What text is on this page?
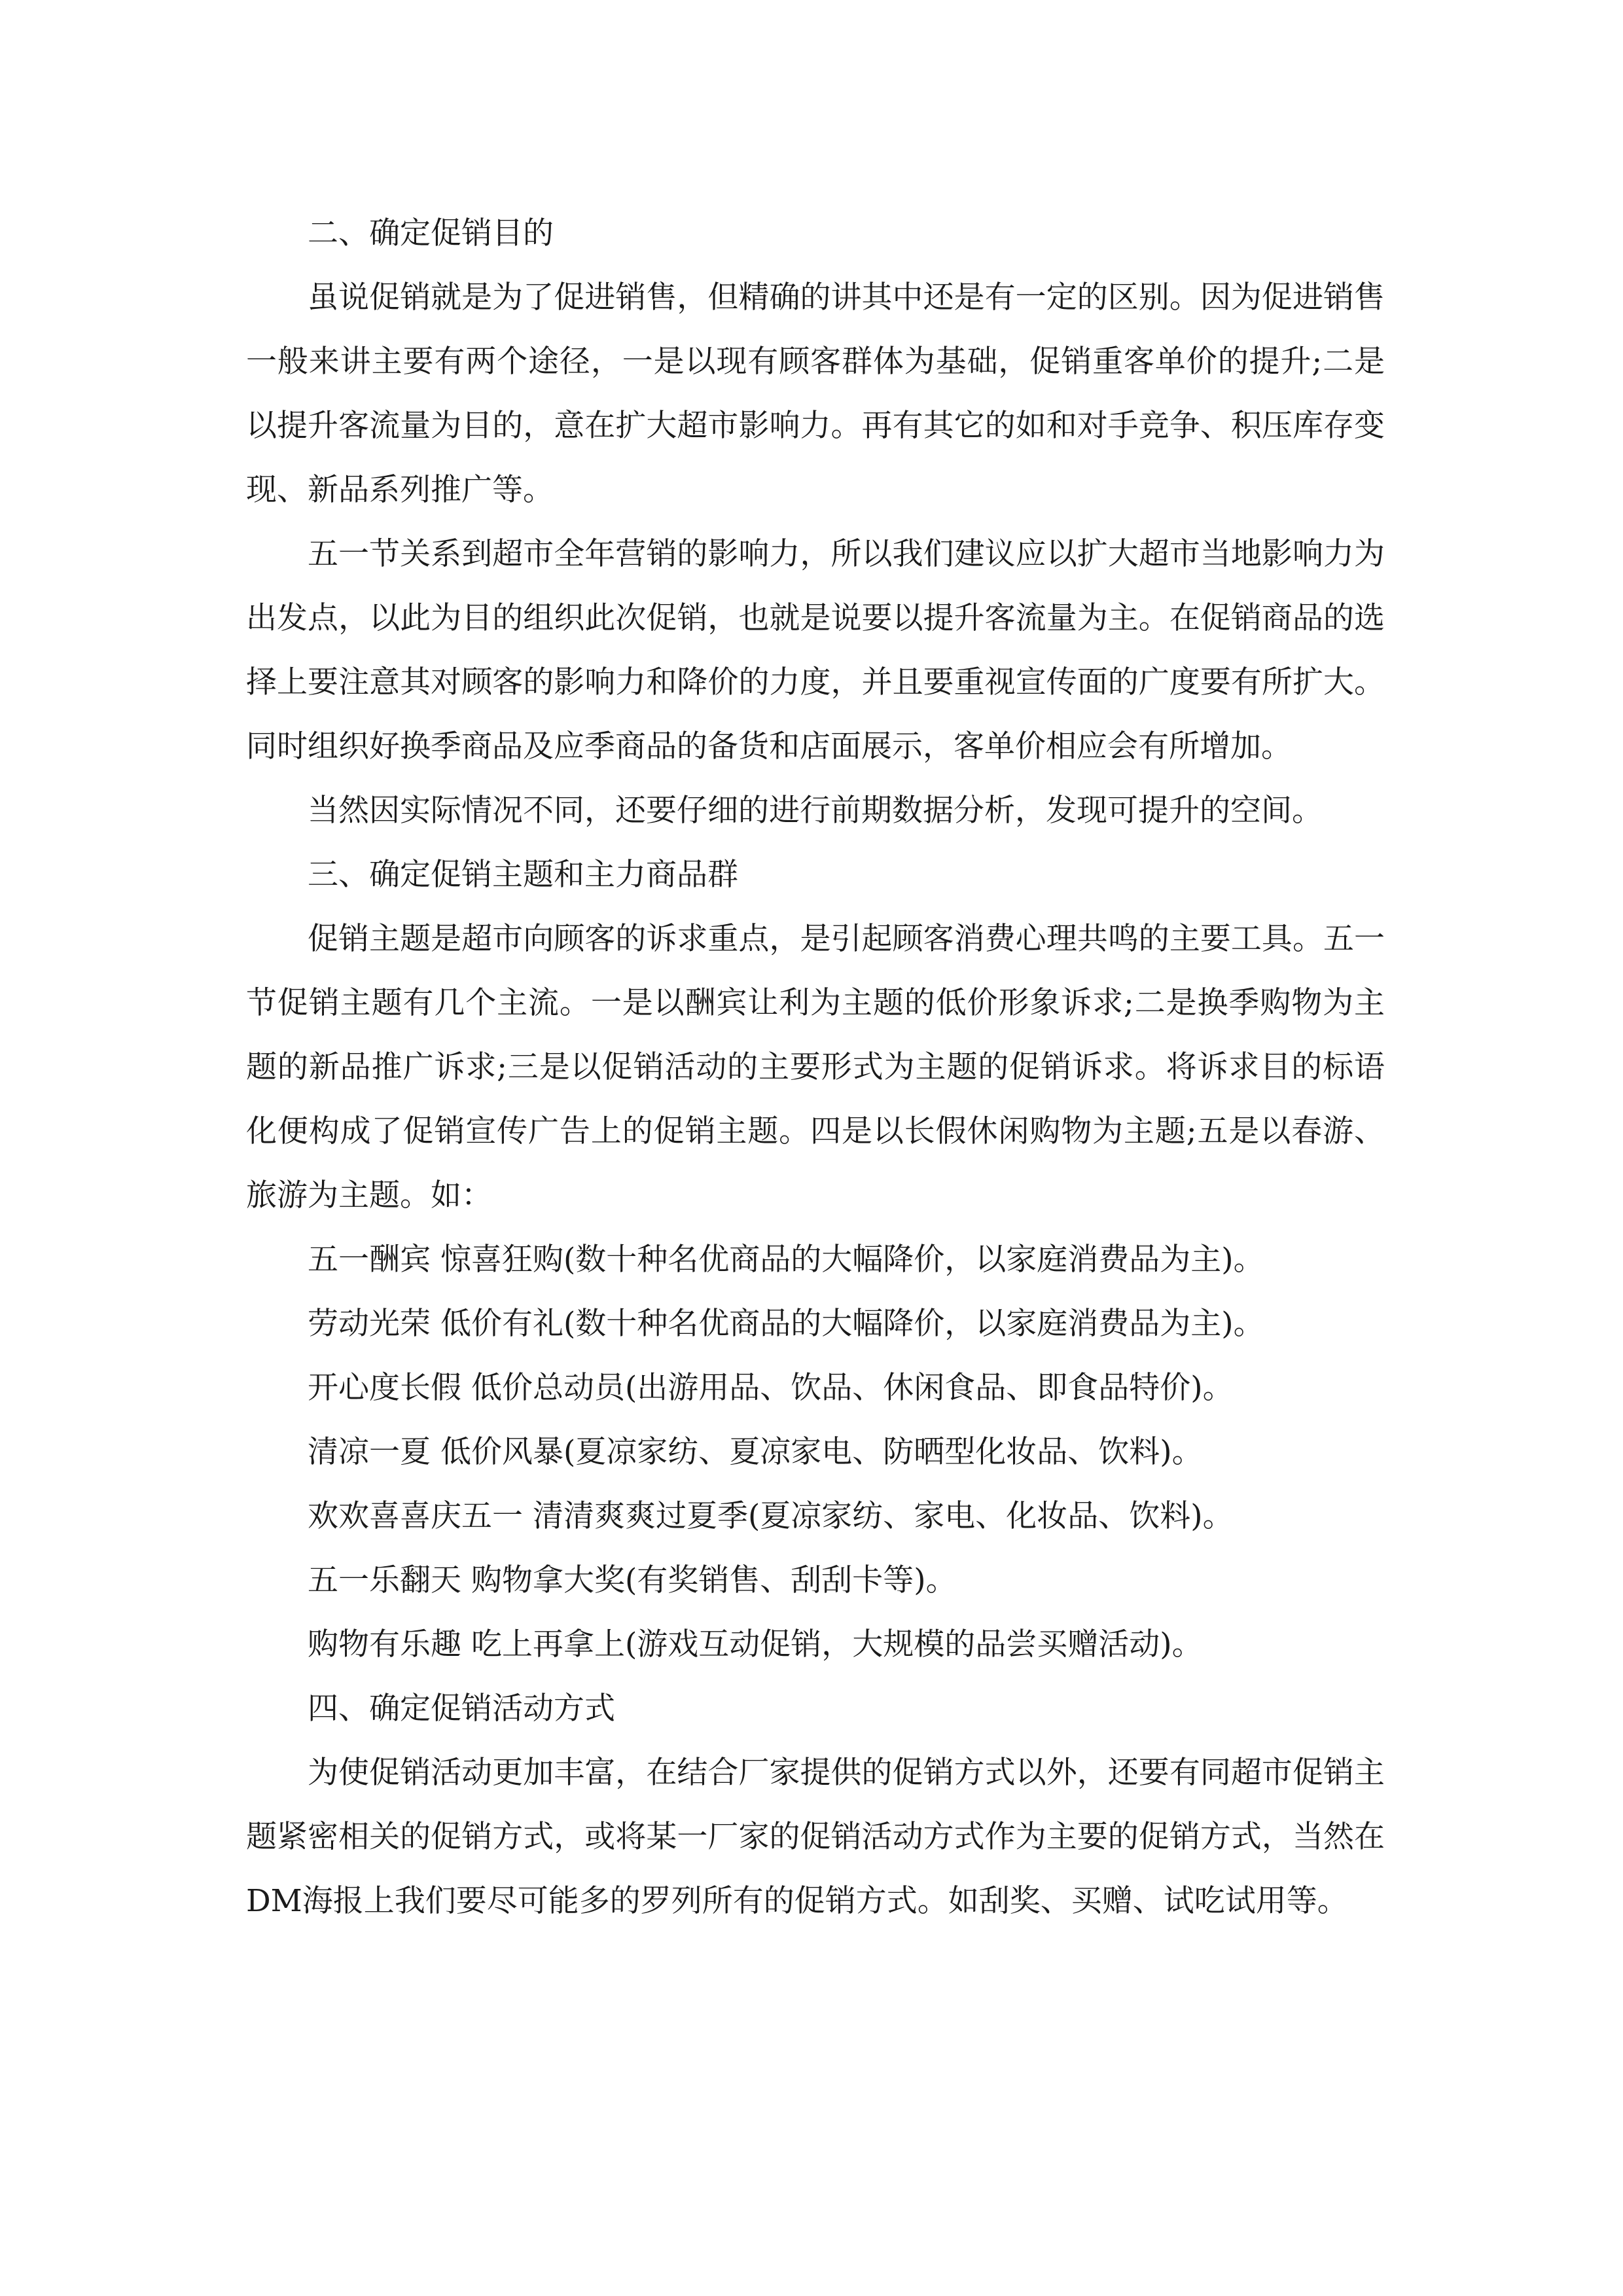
二、确定促销目的

虽说促销就是为了促进销售，但精确的讲其中还是有一定的区别。因为促进销售一般来讲主要有两个途径，一是以现有顾客群体为基础，促销重客单价的提升;二是以提升客流量为目的，意在扩大超市影响力。再有其它的如和对手竞争、积压库存变现、新品系列推广等。

五一节关系到超市全年营销的影响力，所以我们建议应以扩大超市当地影响力为出发点，以此为目的组织此次促销，也就是说要以提升客流量为主。在促销商品的选择上要注意其对顾客的影响力和降价的力度，并且要重视宣传面的广度要有所扩大。同时组织好换季商品及应季商品的备货和店面展示，客单价相应会有所增加。

当然因实际情况不同，还要仔细的进行前期数据分析，发现可提升的空间。

三、确定促销主题和主力商品群

促销主题是超市向顾客的诉求重点，是引起顾客消费心理共鸣的主要工具。五一节促销主题有几个主流。一是以酬宾让利为主题的低价形象诉求;二是换季购物为主题的新品推广诉求;三是以促销活动的主要形式为主题的促销诉求。将诉求目的标语化便构成了促销宣传广告上的促销主题。四是以长假休闲购物为主题;五是以春游、旅游为主题。如：

五一酬宾 惊喜狂购(数十种名优商品的大幅降价，以家庭消费品为主)。

劳动光荣 低价有礼(数十种名优商品的大幅降价，以家庭消费品为主)。

开心度长假 低价总动员(出游用品、饮品、休闲食品、即食品特价)。

清凉一夏 低价风暴(夏凉家纺、夏凉家电、防晒型化妆品、饮料)。

欢欢喜喜庆五一 清清爽爽过夏季(夏凉家纺、家电、化妆品、饮料)。

五一乐翻天 购物拿大奖(有奖销售、刮刮卡等)。

购物有乐趣 吃上再拿上(游戏互动促销，大规模的品尝买赠活动)。

四、确定促销活动方式

为使促销活动更加丰富，在结合厂家提供的促销方式以外，还要有同超市促销主题紧密相关的促销方式，或将某一厂家的促销活动方式作为主要的促销方式，当然在DM海报上我们要尽可能多的罗列所有的促销方式。如刮奖、买赠、试吃试用等。
